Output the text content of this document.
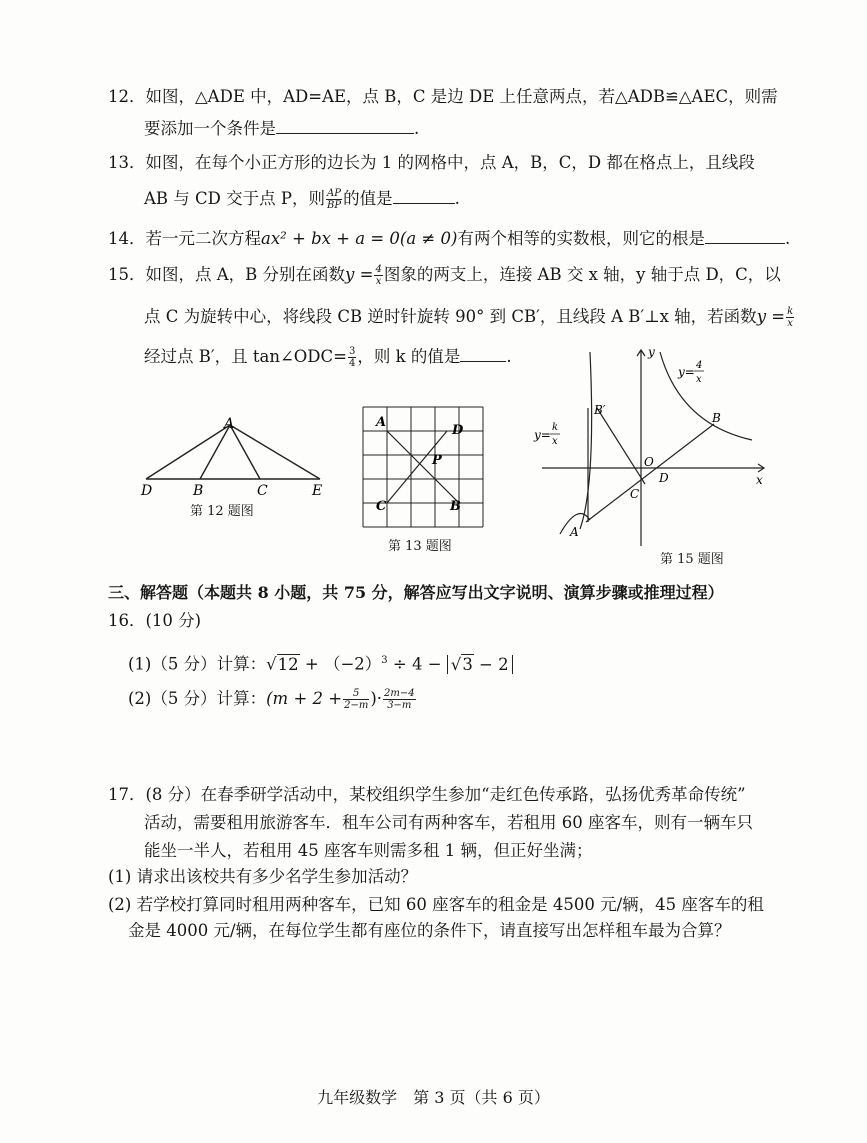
12．如图，△ADE 中，AD=AE，点 B，C 是边 DE 上任意两点，若△ADB≌△AEC，则需
要添加一个条件是	.
13．如图，在每个小正方形的边长为 1 的网格中，点 A，B，C，D 都在格点上，且线段
AB 与 CD 交于点 P，则 $\frac{AP}{BP}$ 的值是	.
14．若一元二次方程ax² + bx + a = 0(a ≠ 0)有两个相等的实数根，则它的根是	.
15．如图，点 A，B 分别在函数$y = \frac{4}{x}$ 图象的两支上，连接 AB 交 x 轴，y 轴于点 D，C，以
点 C 为旋转中心，将线段 CB 逆时针旋转 90° 到 CB′，且线段 A B′⊥x 轴，若函数$y = \frac{k}{x}$
经过点 B′，且 tan∠ODC= $\frac{3}{4}$ ，则 k 的值是	.
A
D	B	C	E
第 12 题图
A
D
P
C	B
第 13 题图
y
x
O
D
C
A
B
B′
y= 4
x
y=
k
x
第 15 题图
三、解答题（本题共 8 小题，共 75 分，解答应写出文字说明、演算步骤或推理过程）
16．(10 分)
(1)（5 分）计算：$√12 + (-2)^3 \div 4 - √3 - 2$
(2)（5 分）计算：($m + 2 + \frac{5}{2-m}$ )· $\frac{2m-4}{3-m}$
17．(8 分）在春季研学活动中，某校组织学生参加“走红色传承路，弘扬优秀革命传统”
活动，需要租用旅游客车．租车公司有两种客车，若租用 60 座客车，则有一辆车只
能坐一半人，若租用 45 座客车则需多租 1 辆，但正好坐满；
(1) 请求出该校共有多少名学生参加活动？
(2) 若学校打算同时租用两种客车，已知 60 座客车的租金是 4500 元/辆，45 座客车的租
金是 4000 元/辆，在每位学生都有座位的条件下，请直接写出怎样租车最为合算？
九年级数学　第 3 页（共 6 页）
